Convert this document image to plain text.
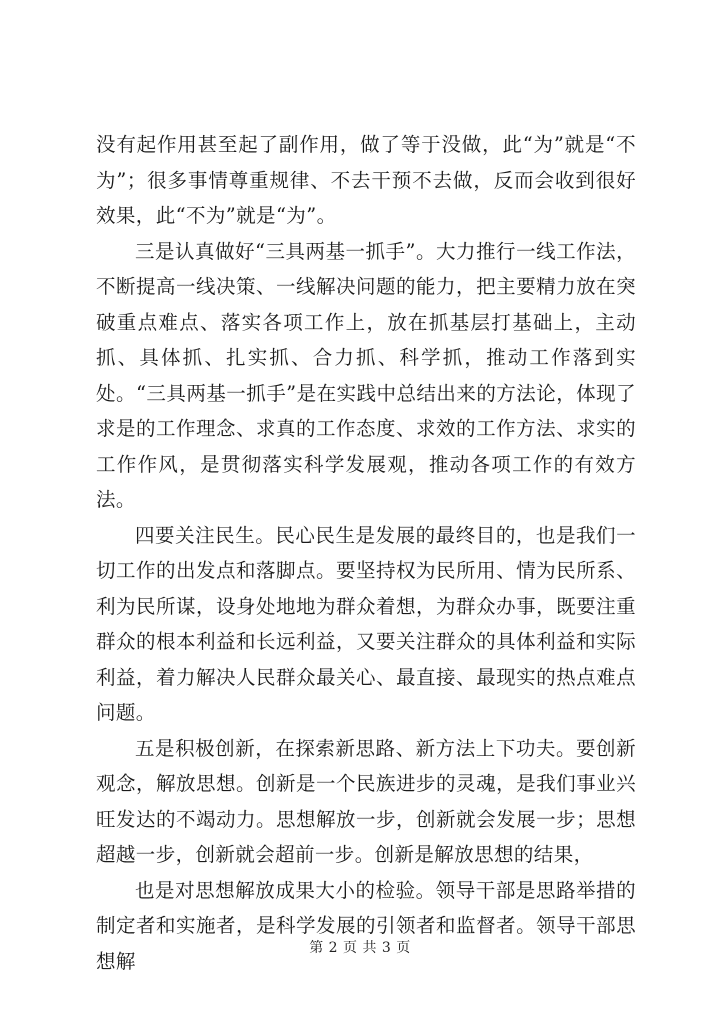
没有起作用甚至起了副作用，做了等于没做，此“为”就是“不为”；很多事情尊重规律、不去干预不去做，反而会收到很好效果，此“不为”就是“为”。

三是认真做好“三具两基一抓手”。大力推行一线工作法，不断提高一线决策、一线解决问题的能力，把主要精力放在突破重点难点、落实各项工作上，放在抓基层打基础上，主动抓、具体抓、扎实抓、合力抓、科学抓，推动工作落到实处。“三具两基一抓手”是在实践中总结出来的方法论，体现了求是的工作理念、求真的工作态度、求效的工作方法、求实的工作作风，是贯彻落实科学发展观，推动各项工作的有效方法。

四要关注民生。民心民生是发展的最终目的，也是我们一切工作的出发点和落脚点。要坚持权为民所用、情为民所系、利为民所谋，设身处地地为群众着想，为群众办事，既要注重群众的根本利益和长远利益，又要关注群众的具体利益和实际利益，着力解决人民群众最关心、最直接、最现实的热点难点问题。

五是积极创新，在探索新思路、新方法上下功夫。要创新观念，解放思想。创新是一个民族进步的灵魂，是我们事业兴旺发达的不竭动力。思想解放一步，创新就会发展一步；思想超越一步，创新就会超前一步。创新是解放思想的结果，

也是对思想解放成果大小的检验。领导干部是思路举措的制定者和实施者，是科学发展的引领者和监督者。领导干部思想解

第 2 页 共 3 页
